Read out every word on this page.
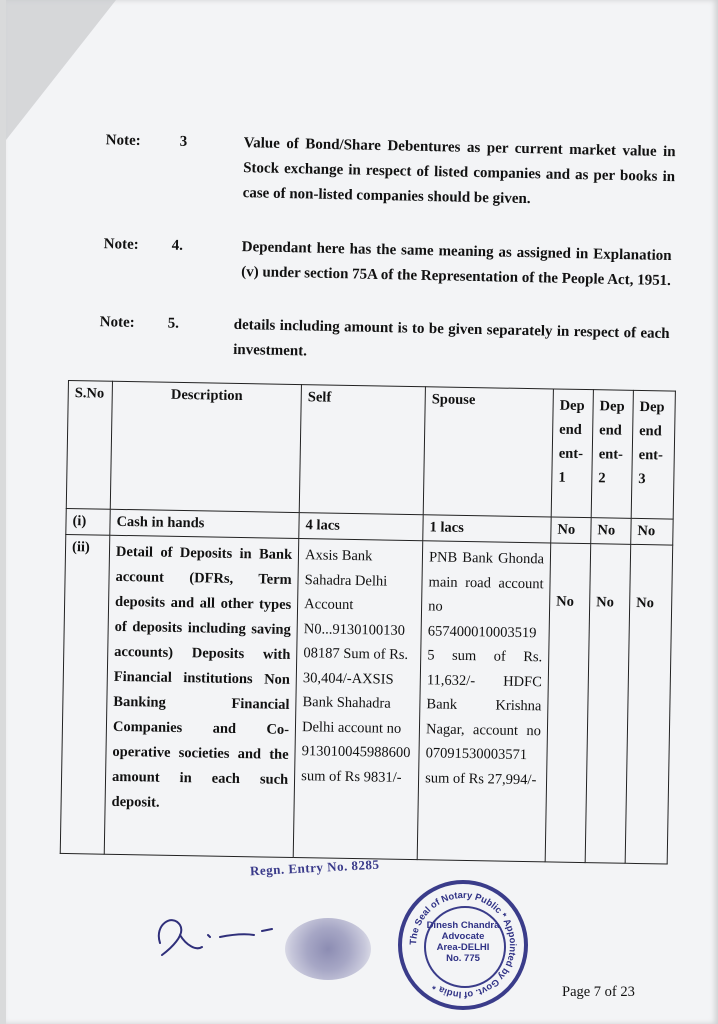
Note:	3	Value of Bond/Share Debentures as per current market value in Stock exchange in respect of listed companies and as per books in case of non-listed companies should be given.
Note: 4.	Dependant here has the same meaning as assigned in Explanation (v) under section 75A of the Representation of the People Act, 1951.
Note: 5.	details including amount is to be given separately in respect of each investment.
S.No	Description	Self	Spouse	Dep end ent- 1	Dep end ent- 2	Dep end ent- 3
(i)	Cash in hands	4 lacs	1 lacs	No	No	No
(ii)	Detail of Deposits in Bank account (DFRs, Term deposits and all other types of deposits including saving accounts) Deposits with Financial institutions Non Banking Financial Companies and Co-operative societies and the amount in each such deposit.	Axsis Bank Sahadra Delhi Account N0...9130100130 08187 Sum of Rs. 30,404/-AXSIS Bank Shahadra Delhi account no 913010045988600 sum of Rs 9831/-	PNB Bank Ghonda main road account no 657400010003519 5 sum of Rs. 11,632/- HDFC Bank Krishna Nagar, account no 07091530003571 sum of Rs 27,994/-	No	No	No
Regn. Entry No. 8285
The Seal of Notary Public * Appointed by Govt. of India *
Dinesh Chandra
Advocate
Area-DELHI
No. 775
Page 7 of 23
